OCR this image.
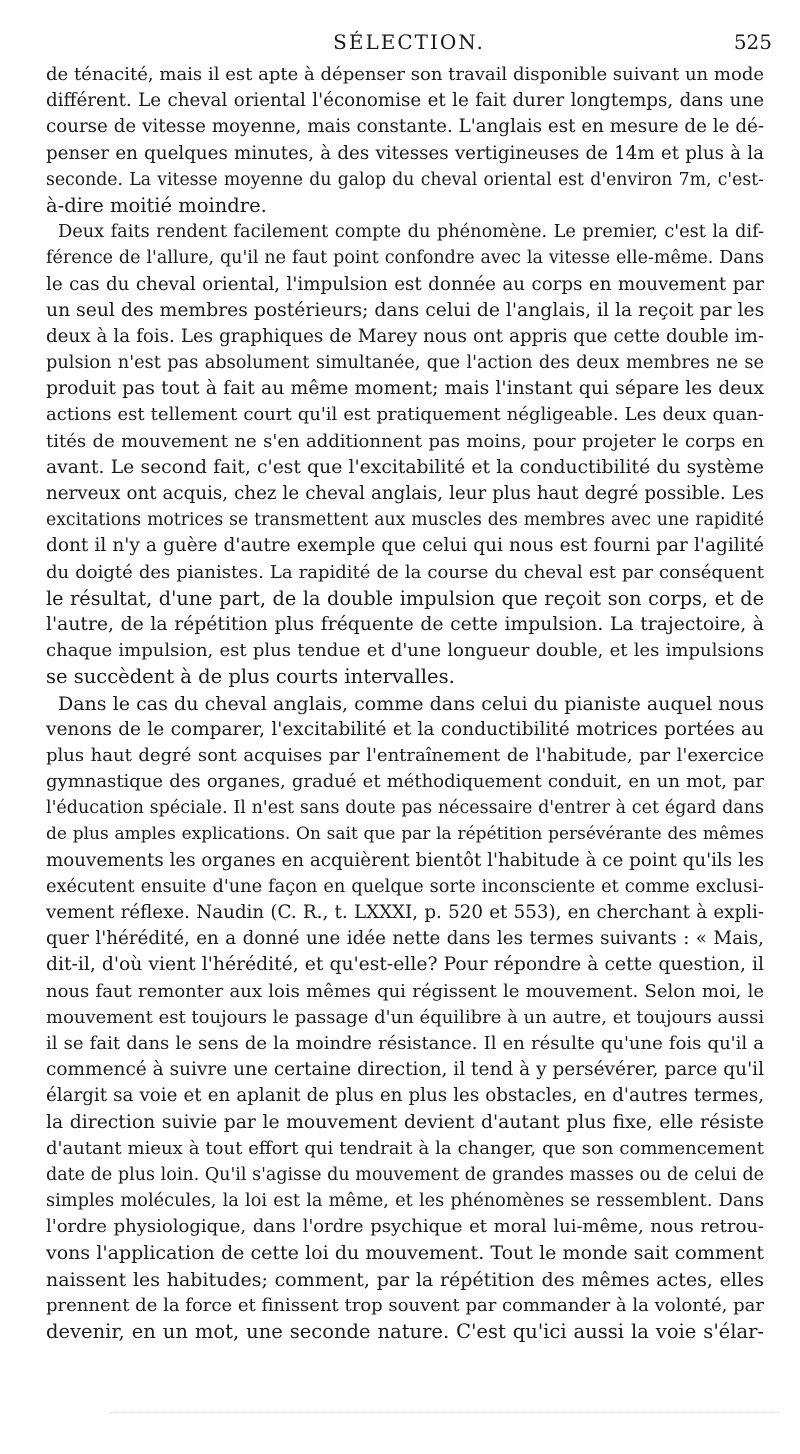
SÉLECTION.	525
de ténacité, mais il est apte à dépenser son travail disponible suivant un mode
différent. Le cheval oriental l'économise et le fait durer longtemps, dans une
course de vitesse moyenne, mais constante. L'anglais est en mesure de le dé-
penser en quelques minutes, à des vitesses vertigineuses de 14m et plus à la
seconde. La vitesse moyenne du galop du cheval oriental est d'environ 7m, c'est-
à-dire moitié moindre.
Deux faits rendent facilement compte du phénomène. Le premier, c'est la dif-
férence de l'allure, qu'il ne faut point confondre avec la vitesse elle-même. Dans
le cas du cheval oriental, l'impulsion est donnée au corps en mouvement par
un seul des membres postérieurs; dans celui de l'anglais, il la reçoit par les
deux à la fois. Les graphiques de Marey nous ont appris que cette double im-
pulsion n'est pas absolument simultanée, que l'action des deux membres ne se
produit pas tout à fait au même moment; mais l'instant qui sépare les deux
actions est tellement court qu'il est pratiquement négligeable. Les deux quan-
tités de mouvement ne s'en additionnent pas moins, pour projeter le corps en
avant. Le second fait, c'est que l'excitabilité et la conductibilité du système
nerveux ont acquis, chez le cheval anglais, leur plus haut degré possible. Les
excitations motrices se transmettent aux muscles des membres avec une rapidité
dont il n'y a guère d'autre exemple que celui qui nous est fourni par l'agilité
du doigté des pianistes. La rapidité de la course du cheval est par conséquent
le résultat, d'une part, de la double impulsion que reçoit son corps, et de
l'autre, de la répétition plus fréquente de cette impulsion. La trajectoire, à
chaque impulsion, est plus tendue et d'une longueur double, et les impulsions
se succèdent à de plus courts intervalles.
Dans le cas du cheval anglais, comme dans celui du pianiste auquel nous
venons de le comparer, l'excitabilité et la conductibilité motrices portées au
plus haut degré sont acquises par l'entraînement de l'habitude, par l'exercice
gymnastique des organes, gradué et méthodiquement conduit, en un mot, par
l'éducation spéciale. Il n'est sans doute pas nécessaire d'entrer à cet égard dans
de plus amples explications. On sait que par la répétition persévérante des mêmes
mouvements les organes en acquièrent bientôt l'habitude à ce point qu'ils les
exécutent ensuite d'une façon en quelque sorte inconsciente et comme exclusi-
vement réflexe. Naudin (C. R., t. LXXXI, p. 520 et 553), en cherchant à expli-
quer l'hérédité, en a donné une idée nette dans les termes suivants : « Mais,
dit-il, d'où vient l'hérédité, et qu'est-elle? Pour répondre à cette question, il
nous faut remonter aux lois mêmes qui régissent le mouvement. Selon moi, le
mouvement est toujours le passage d'un équilibre à un autre, et toujours aussi
il se fait dans le sens de la moindre résistance. Il en résulte qu'une fois qu'il a
commencé à suivre une certaine direction, il tend à y persévérer, parce qu'il
élargit sa voie et en aplanit de plus en plus les obstacles, en d'autres termes,
la direction suivie par le mouvement devient d'autant plus fixe, elle résiste
d'autant mieux à tout effort qui tendrait à la changer, que son commencement
date de plus loin. Qu'il s'agisse du mouvement de grandes masses ou de celui de
simples molécules, la loi est la même, et les phénomènes se ressemblent. Dans
l'ordre physiologique, dans l'ordre psychique et moral lui-même, nous retrou-
vons l'application de cette loi du mouvement. Tout le monde sait comment
naissent les habitudes; comment, par la répétition des mêmes actes, elles
prennent de la force et finissent trop souvent par commander à la volonté, par
devenir, en un mot, une seconde nature. C'est qu'ici aussi la voie s'élar-
